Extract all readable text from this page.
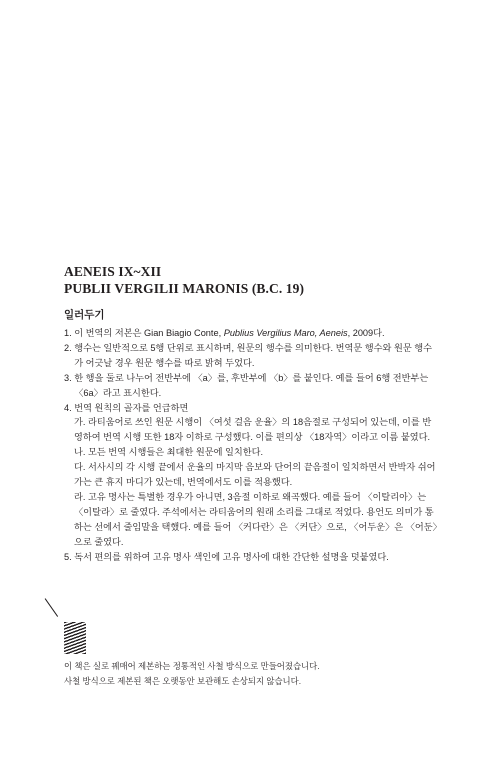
AENEIS IX~XII
PUBLII VERGILII MARONIS (B.C. 19)
일러두기
1. 이 번역의 저본은 Gian Biagio Conte, Publius Vergilius Maro, Aeneis, 2009다.
2. 행수는 일반적으로 5행 단위로 표시하며, 원문의 행수를 의미한다. 번역문 행수와 원문 행수가 어긋날 경우 원문 행수를 따로 밝혀 두었다.
3. 한 행을 둘로 나누어 전반부에 〈a〉를, 후반부에 〈b〉를 붙인다. 예를 들어 6행 전반부는 〈6a〉라고 표시한다.
4. 번역 원칙의 골자를 언급하면
가. 라티움어로 쓰인 원문 시행이 〈여섯 걸음 운율〉의 18음절로 구성되어 있는데, 이를 반영하여 번역 시행 또한 18자 이하로 구성했다. 이를 편의상 〈18자역〉이라고 이름 붙였다.
나. 모든 번역 시행들은 최대한 원문에 일치한다.
다. 서사시의 각 시행 끝에서 운율의 마지막 음보와 단어의 끝음절이 일치하면서 반박자 쉬어 가는 큰 휴지 마디가 있는데, 번역에서도 이를 적용했다.
라. 고유 명사는 특별한 경우가 아니면, 3음절 이하로 왜곡했다. 예를 들어 〈이탈리아〉는 〈이탈라〉로 줄였다. 주석에서는 라티움어의 원래 소리를 그대로 적었다. 용언도 의미가 통하는 선에서 줄임말을 택했다. 예를 들어 〈커다란〉은 〈커단〉으로, 〈어두운〉은 〈어둔〉으로 줄였다.
5. 독서 편의를 위하여 고유 명사 색인에 고유 명사에 대한 간단한 설명을 덧붙였다.
이 책은 실로 꿰매어 제본하는 정통적인 사철 방식으로 만들어졌습니다.
사철 방식으로 제본된 책은 오랫동안 보관해도 손상되지 않습니다.
